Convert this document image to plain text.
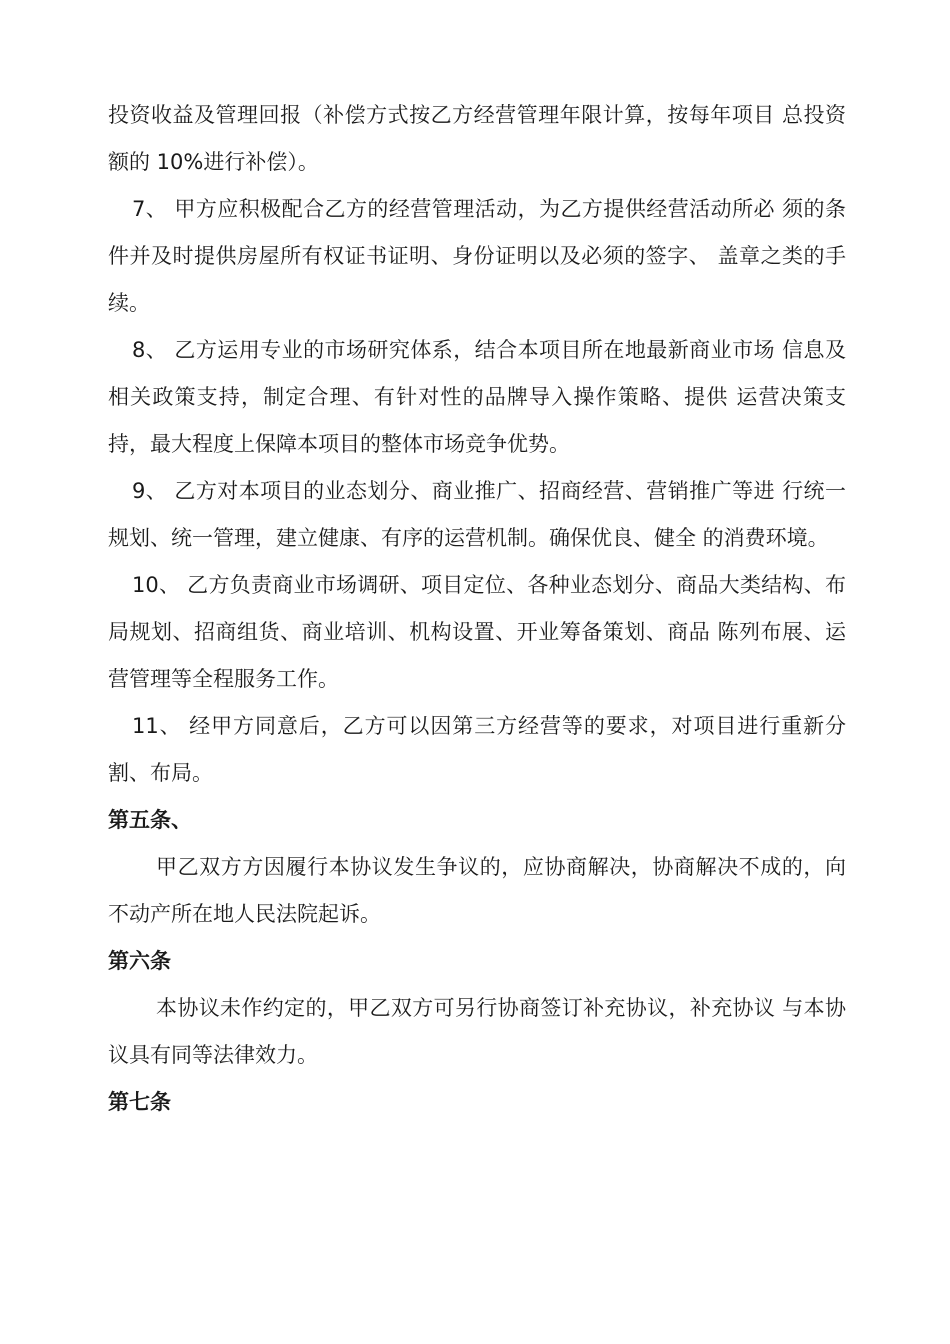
投资收益及管理回报（补偿方式按乙方经营管理年限计算，按每年项目 总投资额的 10%进行补偿）。

7、 甲方应积极配合乙方的经营管理活动，为乙方提供经营活动所必 须的条件并及时提供房屋所有权证书证明、身份证明以及必须的签字、 盖章之类的手续。

8、 乙方运用专业的市场研究体系，结合本项目所在地最新商业市场 信息及相关政策支持，制定合理、有针对性的品牌导入操作策略、提供 运营决策支持，最大程度上保障本项目的整体市场竞争优势。

9、 乙方对本项目的业态划分、商业推广、招商经营、营销推广等进 行统一规划、统一管理，建立健康、有序的运营机制。确保优良、健全 的消费环境。

10、 乙方负责商业市场调研、项目定位、各种业态划分、商品大类结构、布局规划、招商组货、商业培训、机构设置、开业筹备策划、商品 陈列布展、运营管理等全程服务工作。

11、 经甲方同意后，乙方可以因第三方经营等的要求，对项目进行重新分割、布局。

第五条、

甲乙双方方因履行本协议发生争议的，应协商解决，协商解决不成的，向不动产所在地人民法院起诉。

第六条

本协议未作约定的，甲乙双方可另行协商签订补充协议，补充协议 与本协议具有同等法律效力。

第七条
